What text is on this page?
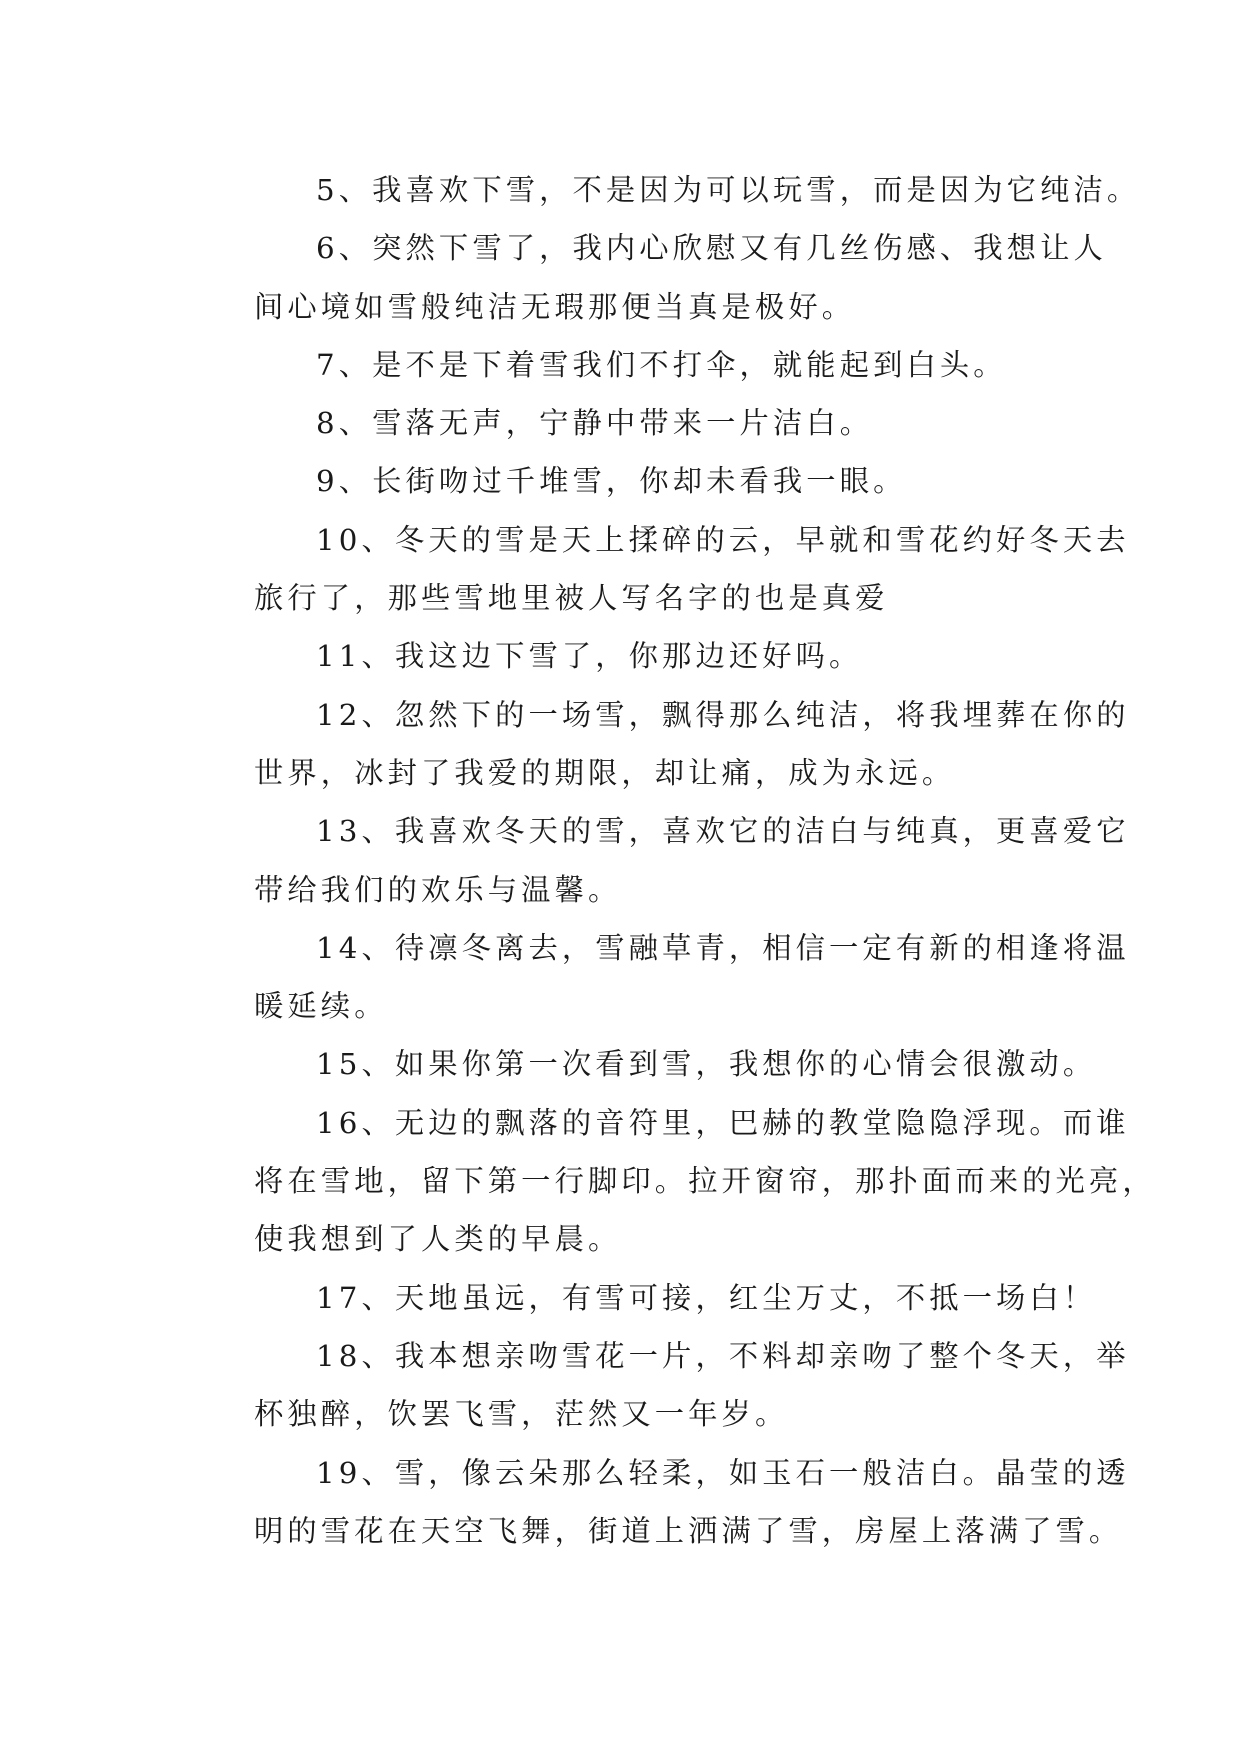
5、我喜欢下雪，不是因为可以玩雪，而是因为它纯洁。

6、突然下雪了，我内心欣慰又有几丝伤感、我想让人
间心境如雪般纯洁无瑕那便当真是极好。

7、是不是下着雪我们不打伞，就能起到白头。

8、雪落无声，宁静中带来一片洁白。

9、长街吻过千堆雪，你却未看我一眼。

10、冬天的雪是天上揉碎的云，早就和雪花约好冬天去
旅行了，那些雪地里被人写名字的也是真爱

11、我这边下雪了，你那边还好吗。

12、忽然下的一场雪，飘得那么纯洁，将我埋葬在你的
世界，冰封了我爱的期限，却让痛，成为永远。

13、我喜欢冬天的雪，喜欢它的洁白与纯真，更喜爱它
带给我们的欢乐与温馨。

14、待凛冬离去，雪融草青，相信一定有新的相逢将温
暖延续。

15、如果你第一次看到雪，我想你的心情会很激动。

16、无边的飘落的音符里，巴赫的教堂隐隐浮现。而谁
将在雪地，留下第一行脚印。拉开窗帘，那扑面而来的光亮，
使我想到了人类的早晨。

17、天地虽远，有雪可接，红尘万丈，不抵一场白！

18、我本想亲吻雪花一片，不料却亲吻了整个冬天，举
杯独醉，饮罢飞雪，茫然又一年岁。

19、雪，像云朵那么轻柔，如玉石一般洁白。晶莹的透
明的雪花在天空飞舞，街道上洒满了雪，房屋上落满了雪。
